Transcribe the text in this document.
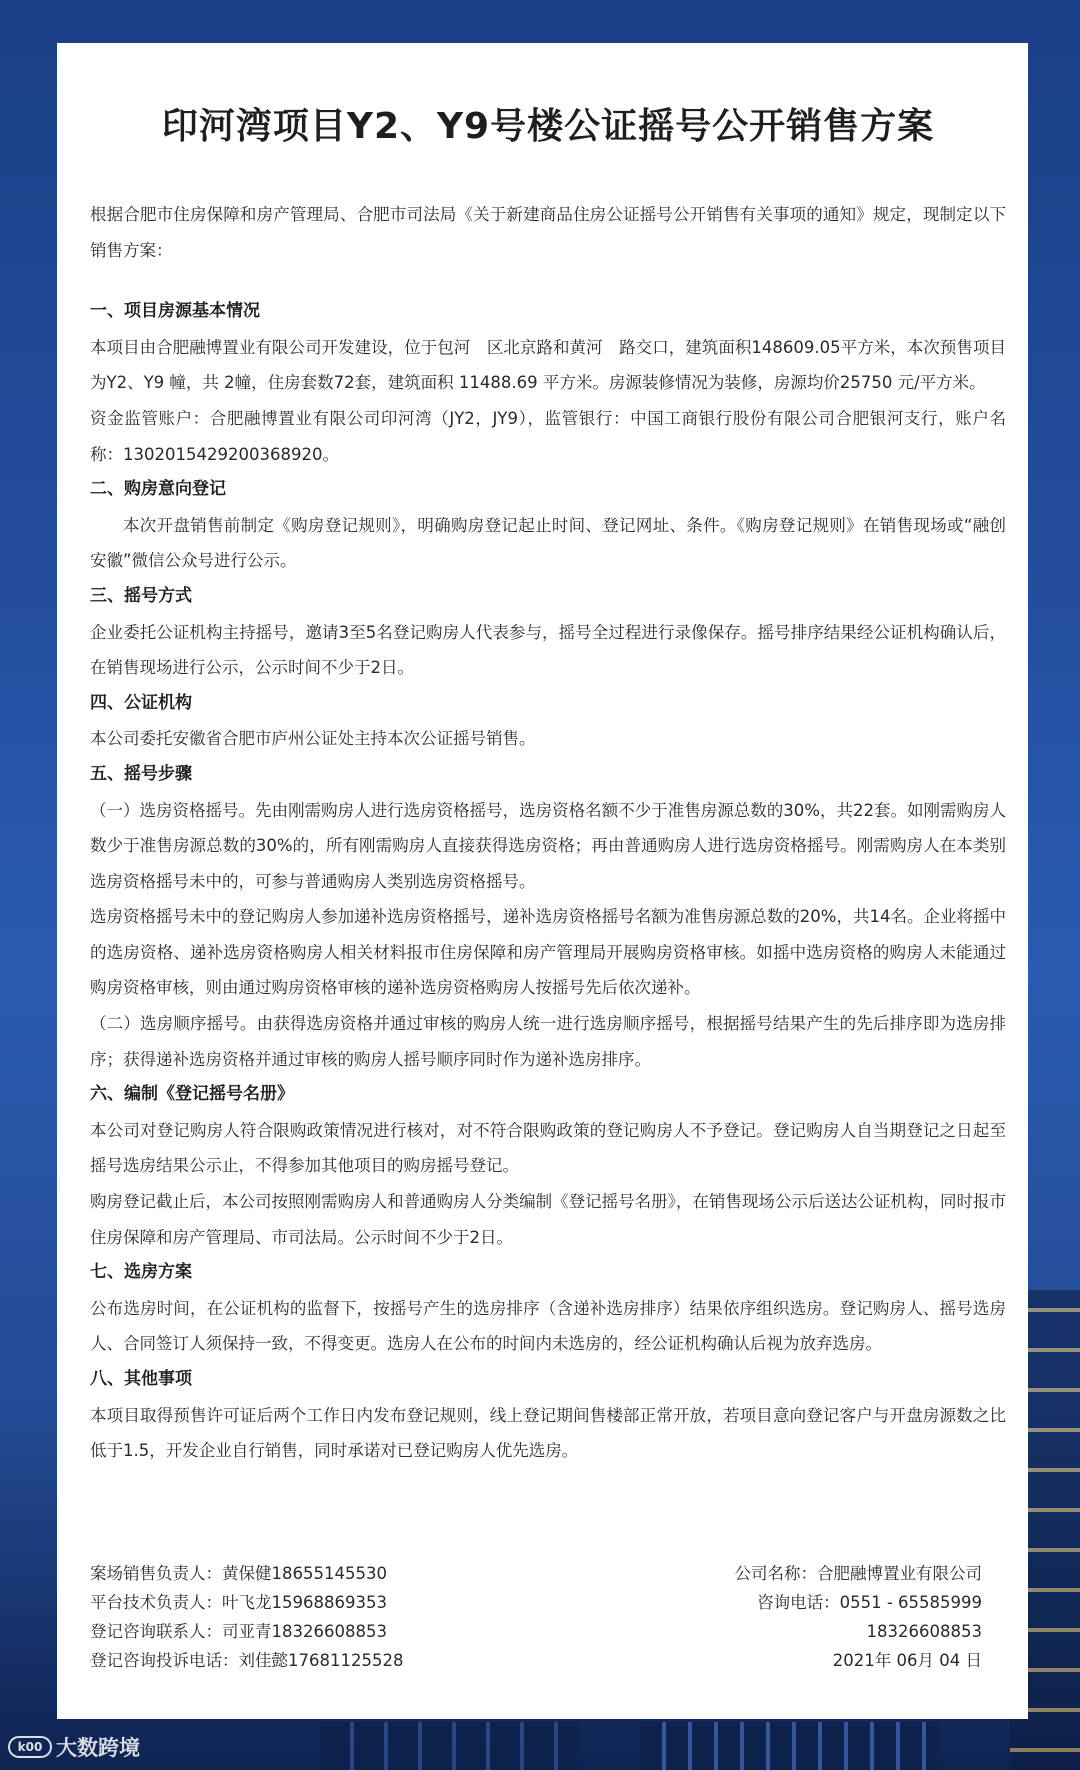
印河湾项目Y2、Y9号楼公证摇号公开销售方案

根据合肥市住房保障和房产管理局、合肥市司法局《关于新建商品住房公证摇号公开销售有关事项的通知》规定，现制定以下销售方案：

一、项目房源基本情况

本项目由合肥融博置业有限公司开发建设，位于包河　区北京路和黄河　路交口，建筑面积148609.05平方米，本次预售项目为Y2、Y9 幢，共 2幢，住房套数72套，建筑面积 11488.69 平方米。房源装修情况为装修，房源均价25750 元/平方米。

资金监管账户：合肥融博置业有限公司印河湾（JY2，JY9），监管银行：中国工商银行股份有限公司合肥银河支行，账户名称：1302015429200368920。

二、购房意向登记

本次开盘销售前制定《购房登记规则》，明确购房登记起止时间、登记网址、条件。《购房登记规则》在销售现场或“融创安徽”微信公众号进行公示。

三、摇号方式

企业委托公证机构主持摇号，邀请3至5名登记购房人代表参与，摇号全过程进行录像保存。摇号排序结果经公证机构确认后，在销售现场进行公示，公示时间不少于2日。

四、公证机构

本公司委托安徽省合肥市庐州公证处主持本次公证摇号销售。

五、摇号步骤

（一）选房资格摇号。先由刚需购房人进行选房资格摇号，选房资格名额不少于准售房源总数的30%，共22套。如刚需购房人数少于准售房源总数的30%的，所有刚需购房人直接获得选房资格；再由普通购房人进行选房资格摇号。刚需购房人在本类别选房资格摇号未中的，可参与普通购房人类别选房资格摇号。

选房资格摇号未中的登记购房人参加递补选房资格摇号，递补选房资格摇号名额为准售房源总数的20%，共14名。企业将摇中的选房资格、递补选房资格购房人相关材料报市住房保障和房产管理局开展购房资格审核。如摇中选房资格的购房人未能通过购房资格审核，则由通过购房资格审核的递补选房资格购房人按摇号先后依次递补。

（二）选房顺序摇号。由获得选房资格并通过审核的购房人统一进行选房顺序摇号，根据摇号结果产生的先后排序即为选房排序；获得递补选房资格并通过审核的购房人摇号顺序同时作为递补选房排序。

六、编制《登记摇号名册》

本公司对登记购房人符合限购政策情况进行核对，对不符合限购政策的登记购房人不予登记。登记购房人自当期登记之日起至摇号选房结果公示止，不得参加其他项目的购房摇号登记。

购房登记截止后，本公司按照刚需购房人和普通购房人分类编制《登记摇号名册》，在销售现场公示后送达公证机构，同时报市住房保障和房产管理局、市司法局。公示时间不少于2日。

七、选房方案

公布选房时间，在公证机构的监督下，按摇号产生的选房排序（含递补选房排序）结果依序组织选房。登记购房人、摇号选房人、合同签订人须保持一致，不得变更。选房人在公布的时间内未选房的，经公证机构确认后视为放弃选房。

八、其他事项

本项目取得预售许可证后两个工作日内发布登记规则，线上登记期间售楼部正常开放，若项目意向登记客户与开盘房源数之比低于1.5，开发企业自行销售，同时承诺对已登记购房人优先选房。

案场销售负责人：黄保健18655145530
平台技术负责人：叶飞龙15968869353
登记咨询联系人：司亚青18326608853
登记咨询投诉电话：刘佳懿17681125528
公司名称：合肥融博置业有限公司
咨询电话：0551 - 65585999
18326608853
2021年 06月 04 日
k00 大数跨境
